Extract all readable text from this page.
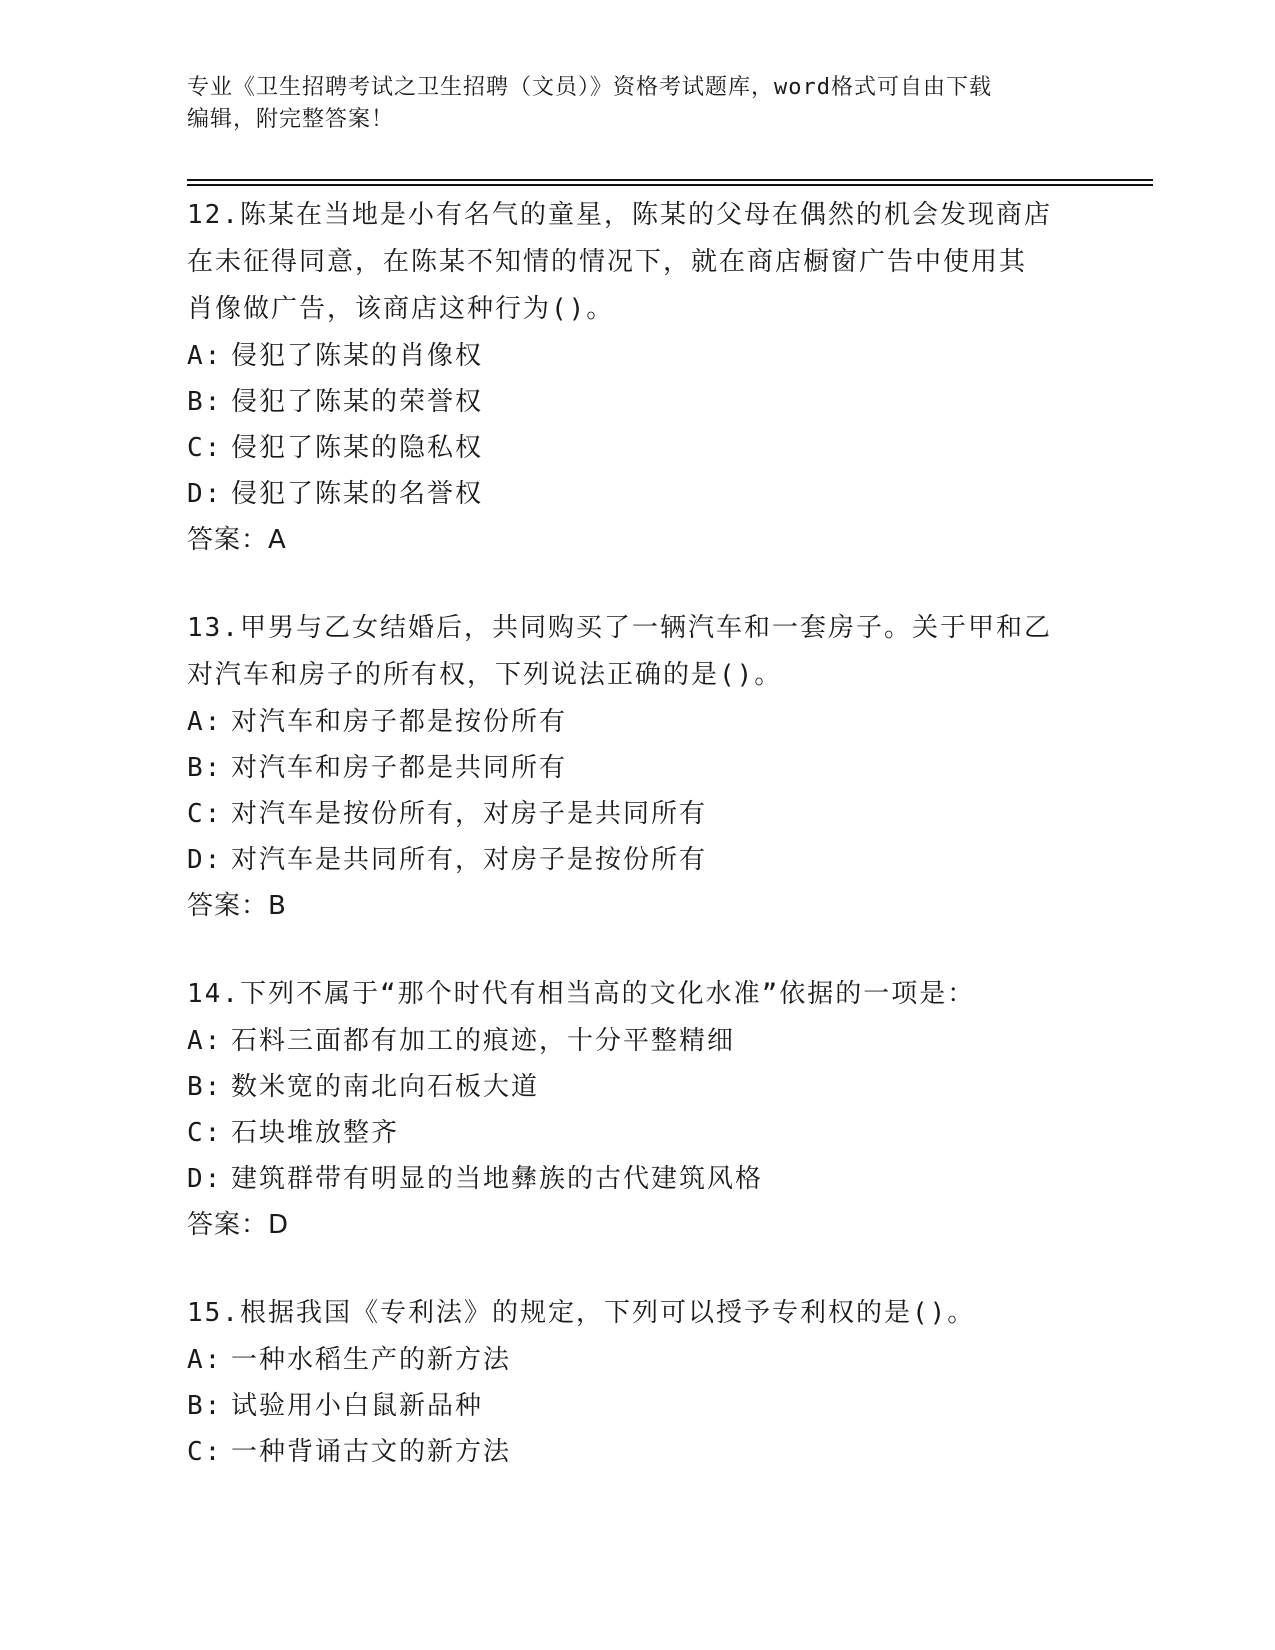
专业《卫生招聘考试之卫生招聘（文员）》资格考试题库，word格式可自由下载
编辑，附完整答案！
12.陈某在当地是小有名气的童星，陈某的父母在偶然的机会发现商店
在未征得同意，在陈某不知情的情况下，就在商店橱窗广告中使用其
肖像做广告，该商店这种行为()。
A: 侵犯了陈某的肖像权
B: 侵犯了陈某的荣誉权
C: 侵犯了陈某的隐私权
D: 侵犯了陈某的名誉权
答案：A
13.甲男与乙女结婚后，共同购买了一辆汽车和一套房子。关于甲和乙
对汽车和房子的所有权，下列说法正确的是()。
A: 对汽车和房子都是按份所有
B: 对汽车和房子都是共同所有
C: 对汽车是按份所有，对房子是共同所有
D: 对汽车是共同所有，对房子是按份所有
答案：B
14.下列不属于“那个时代有相当高的文化水准”依据的一项是：
A: 石料三面都有加工的痕迹，十分平整精细
B: 数米宽的南北向石板大道
C: 石块堆放整齐
D: 建筑群带有明显的当地彝族的古代建筑风格
答案：D
15.根据我国《专利法》的规定，下列可以授予专利权的是()。
A: 一种水稻生产的新方法
B: 试验用小白鼠新品种
C: 一种背诵古文的新方法
